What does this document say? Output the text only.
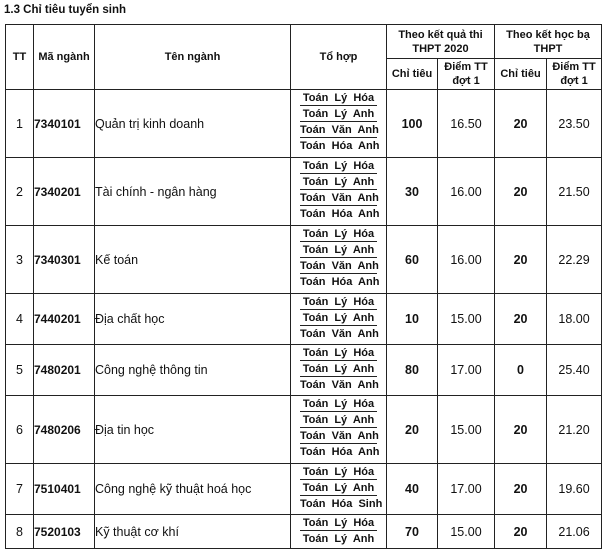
1.3 Chỉ tiêu tuyển sinh
TT	Mã ngành	Tên ngành	Tổ hợp	Theo kết quả thi THPT 2020		Theo kết học bạ THPT	
				Chỉ tiêu	Điểm TT đợt 1	Chỉ tiêu	Điểm TT đợt 1
1	7340101	Quản trị kinh doanh	Toán  Lý  Hóa
Toán  Lý  Anh
Toán  Văn  Anh
Toán  Hóa  Anh	100	16.50	20	23.50
2	7340201	Tài chính - ngân hàng	Toán  Lý  Hóa
Toán  Lý  Anh
Toán  Văn  Anh
Toán  Hóa  Anh	30	16.00	20	21.50
3	7340301	Kế toán	Toán  Lý  Hóa
Toán  Lý  Anh
Toán  Văn  Anh
Toán  Hóa  Anh	60	16.00	20	22.29
4	7440201	Địa chất học	Toán  Lý  Hóa
Toán  Lý  Anh
Toán  Văn  Anh	10	15.00	20	18.00
5	7480201	Công nghệ thông tin	Toán  Lý  Hóa
Toán  Lý  Anh
Toán  Văn  Anh	80	17.00	0	25.40
6	7480206	Địa tin học	Toán  Lý  Hóa
Toán  Lý  Anh
Toán  Văn  Anh
Toán  Hóa  Anh	20	15.00	20	21.20
7	7510401	Công nghệ kỹ thuật hoá học	Toán  Lý  Hóa
Toán  Lý  Anh
Toán  Hóa  Sinh	40	17.00	20	19.60
8	7520103	Kỹ thuật cơ khí	Toán  Lý  Hóa
Toán  Lý  Anh	70	15.00	20	21.06
